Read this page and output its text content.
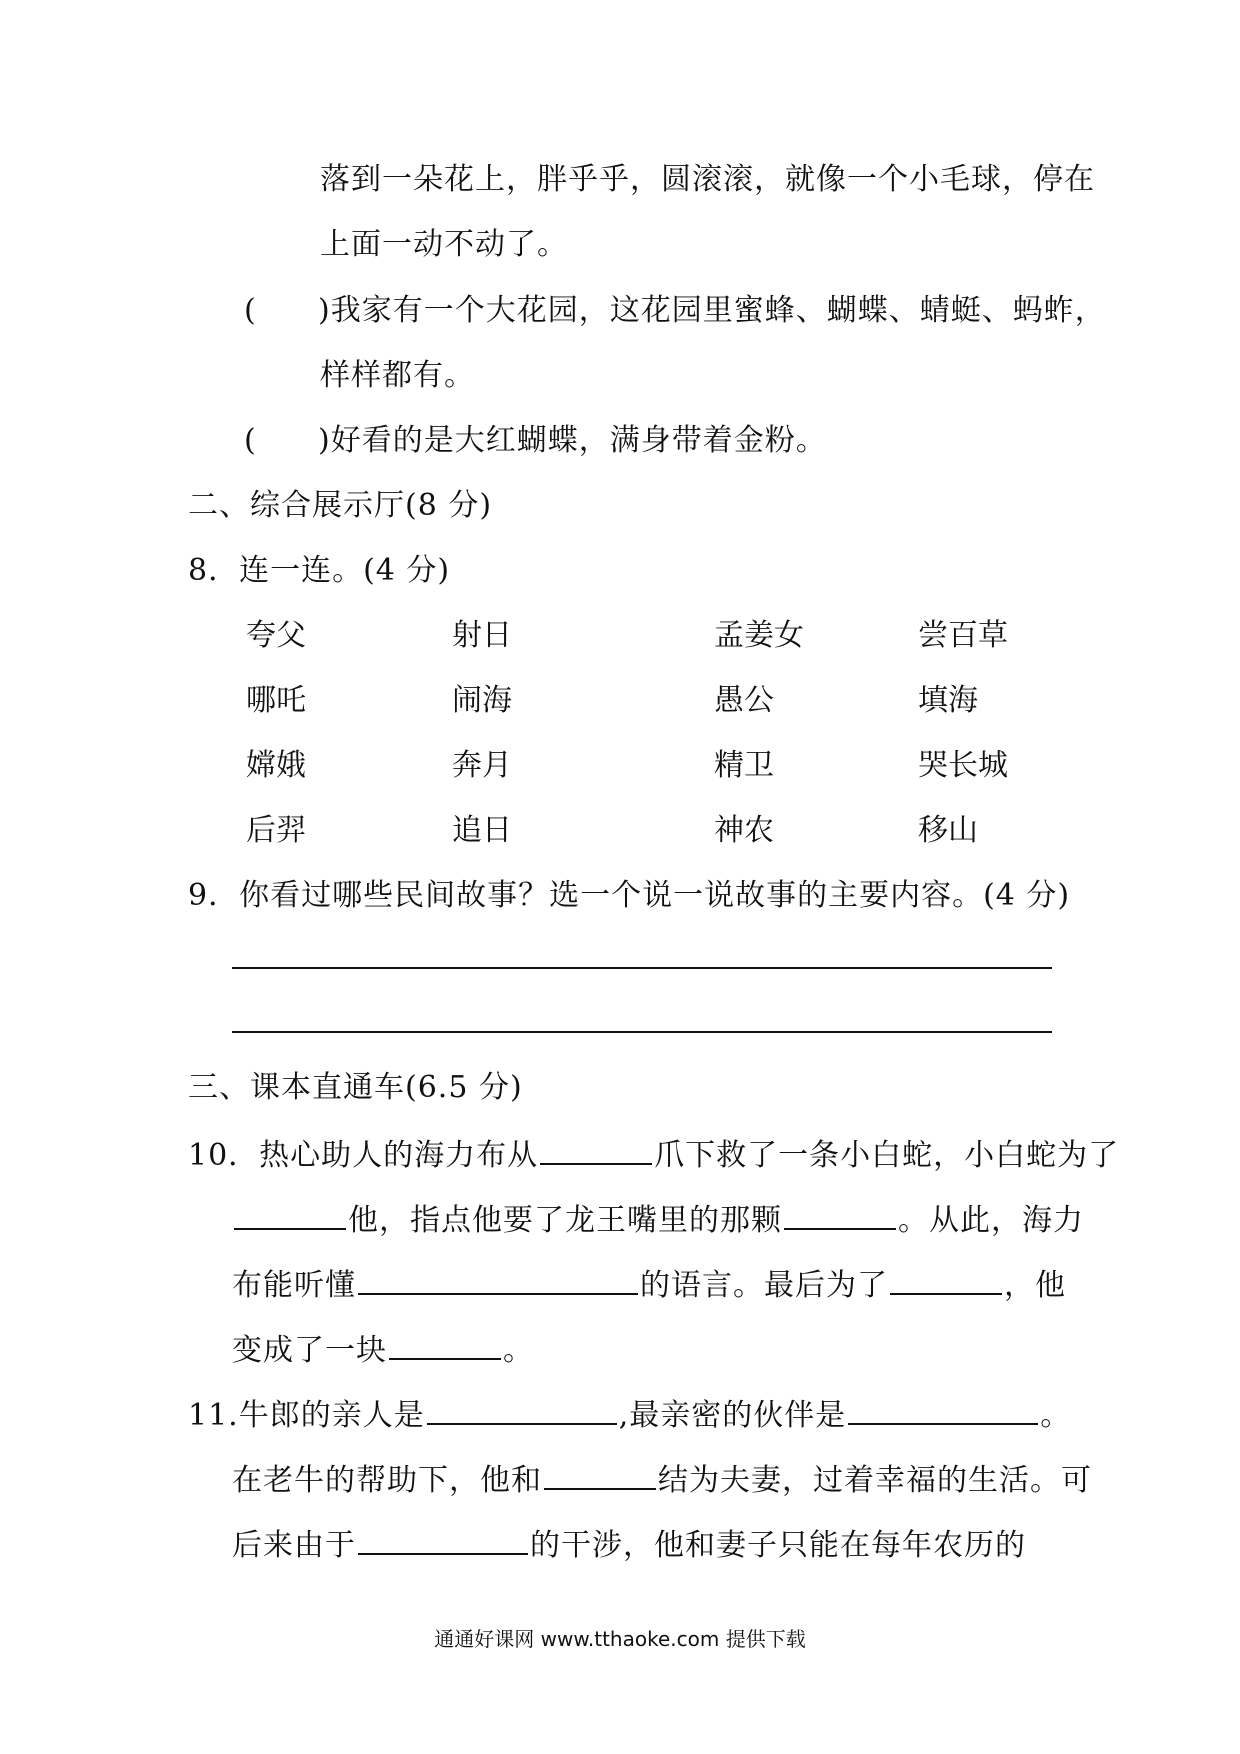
落到一朵花上，胖乎乎，圆滚滚，就像一个小毛球，停在
上面一动不动了。
( )我家有一个大花园，这花园里蜜蜂、蝴蝶、蜻蜓、蚂蚱，
样样都有。
( )好看的是大红蝴蝶，满身带着金粉。
二、综合展示厅(8 分)
8．连一连。(4 分)
夸父	射日	孟姜女	尝百草
哪吒	闹海	愚公	填海
嫦娥	奔月	精卫	哭长城
后羿	追日	神农	移山
9．你看过哪些民间故事？选一个说一说故事的主要内容。(4 分)
三、课本直通车(6.5 分)
10．热心助人的海力布从	爪下救了一条小白蛇，小白蛇为了
他，指点他要了龙王嘴里的那颗	。从此，海力
布能听懂	的语言。最后为了	，他
变成了一块	。
11.牛郎的亲人是	,最亲密的伙伴是	。
在老牛的帮助下，他和	结为夫妻，过着幸福的生活。可
后来由于	的干涉，他和妻子只能在每年农历的
通通好课网 www.tthaoke.com 提供下载
